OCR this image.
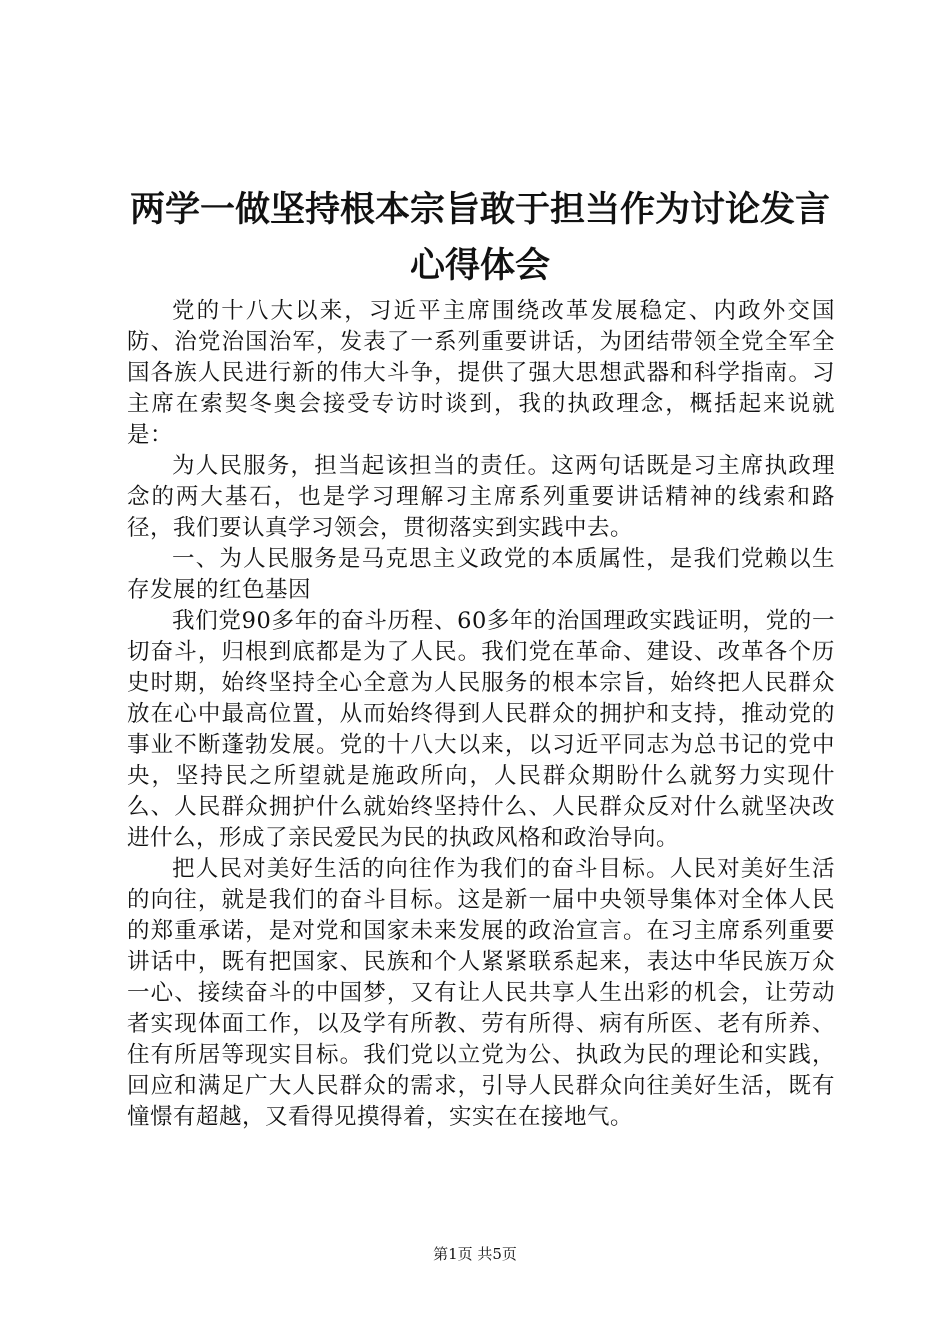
两学一做坚持根本宗旨敢于担当作为讨论发言
心得体会

党的十八大以来，习近平主席围绕改革发展稳定、内政外交国防、治党治国治军，发表了一系列重要讲话，为团结带领全党全军全国各族人民进行新的伟大斗争，提供了强大思想武器和科学指南。习主席在索契冬奥会接受专访时谈到，我的执政理念，概括起来说就是：

为人民服务，担当起该担当的责任。这两句话既是习主席执政理念的两大基石，也是学习理解习主席系列重要讲话精神的线索和路径，我们要认真学习领会，贯彻落实到实践中去。

一、为人民服务是马克思主义政党的本质属性，是我们党赖以生存发展的红色基因

我们党90多年的奋斗历程、60多年的治国理政实践证明，党的一切奋斗，归根到底都是为了人民。我们党在革命、建设、改革各个历史时期，始终坚持全心全意为人民服务的根本宗旨，始终把人民群众放在心中最高位置，从而始终得到人民群众的拥护和支持，推动党的事业不断蓬勃发展。党的十八大以来，以习近平同志为总书记的党中央，坚持民之所望就是施政所向，人民群众期盼什么就努力实现什么、人民群众拥护什么就始终坚持什么、人民群众反对什么就坚决改进什么，形成了亲民爱民为民的执政风格和政治导向。

把人民对美好生活的向往作为我们的奋斗目标。人民对美好生活的向往，就是我们的奋斗目标。这是新一届中央领导集体对全体人民的郑重承诺，是对党和国家未来发展的政治宣言。在习主席系列重要讲话中，既有把国家、民族和个人紧紧联系起来，表达中华民族万众一心、接续奋斗的中国梦，又有让人民共享人生出彩的机会，让劳动者实现体面工作，以及学有所教、劳有所得、病有所医、老有所养、住有所居等现实目标。我们党以立党为公、执政为民的理论和实践，回应和满足广大人民群众的需求，引导人民群众向往美好生活，既有憧憬有超越，又看得见摸得着，实实在在接地气。

第1页 共5页
